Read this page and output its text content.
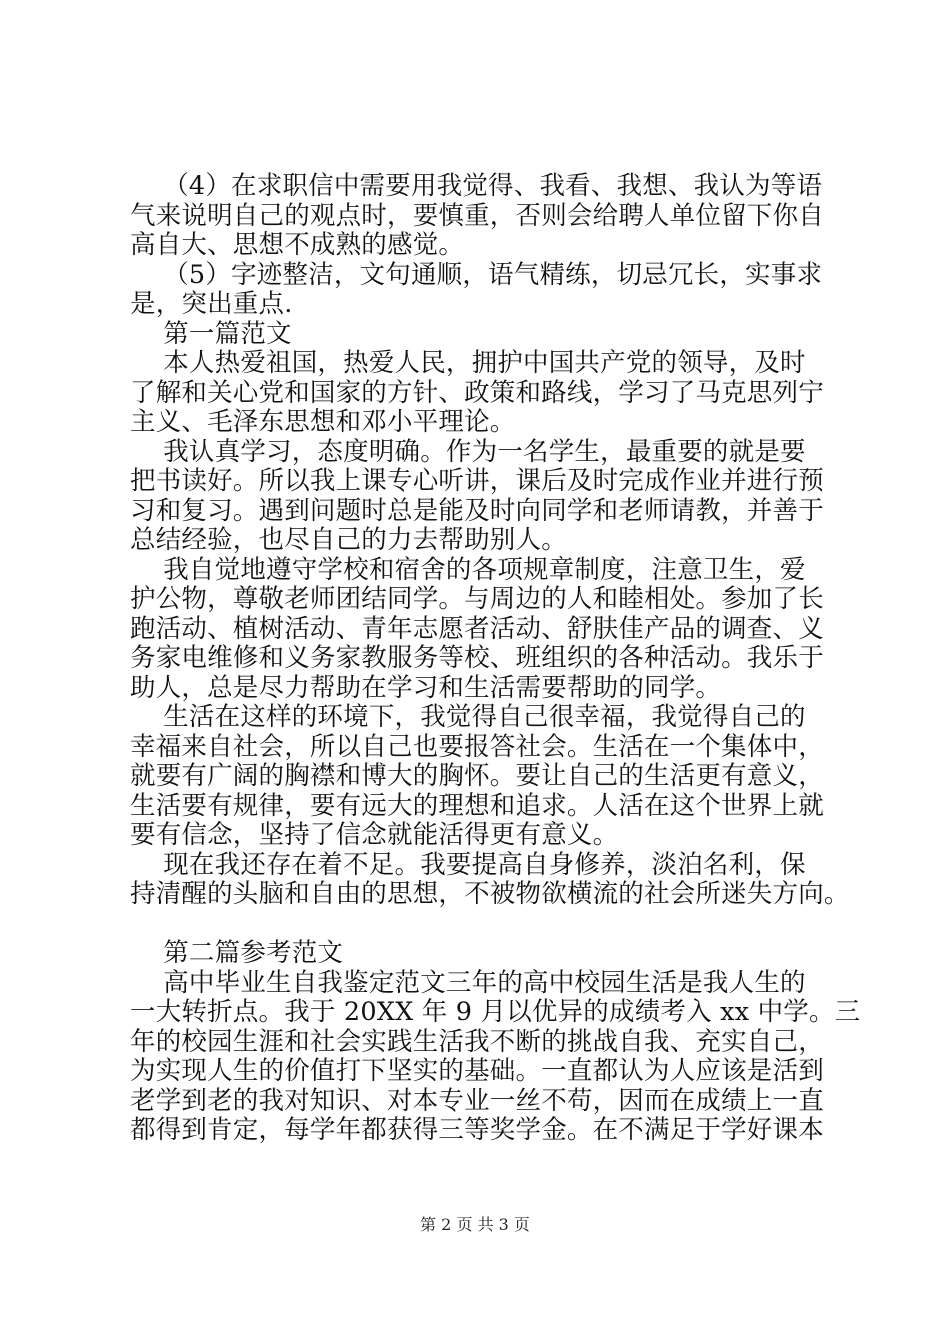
（4）在求职信中需要用我觉得、我看、我想、我认为等语

气来说明自己的观点时，要慎重，否则会给聘人单位留下你自

高自大、思想不成熟的感觉。

（5）字迹整洁，文句通顺，语气精练，切忌冗长，实事求

是，突出重点.

第一篇范文

本人热爱祖国，热爱人民，拥护中国共产党的领导，及时

了解和关心党和国家的方针、政策和路线，学习了马克思列宁

主义、毛泽东思想和邓小平理论。

我认真学习，态度明确。作为一名学生，最重要的就是要

把书读好。所以我上课专心听讲，课后及时完成作业并进行预

习和复习。遇到问题时总是能及时向同学和老师请教，并善于

总结经验，也尽自己的力去帮助别人。

我自觉地遵守学校和宿舍的各项规章制度，注意卫生，爱

护公物，尊敬老师团结同学。与周边的人和睦相处。参加了长

跑活动、植树活动、青年志愿者活动、舒肤佳产品的调查、义

务家电维修和义务家教服务等校、班组织的各种活动。我乐于

助人，总是尽力帮助在学习和生活需要帮助的同学。

生活在这样的环境下，我觉得自己很幸福，我觉得自己的

幸福来自社会，所以自己也要报答社会。生活在一个集体中，

就要有广阔的胸襟和博大的胸怀。要让自己的生活更有意义，

生活要有规律，要有远大的理想和追求。人活在这个世界上就

要有信念，坚持了信念就能活得更有意义。

现在我还存在着不足。我要提高自身修养，淡泊名利，保

持清醒的头脑和自由的思想，不被物欲横流的社会所迷失方向。

第二篇参考范文

高中毕业生自我鉴定范文三年的高中校园生活是我人生的

一大转折点。我于 20XX 年 9 月以优异的成绩考入 xx 中学。三

年的校园生涯和社会实践生活我不断的挑战自我、充实自己，

为实现人生的价值打下坚实的基础。一直都认为人应该是活到

老学到老的我对知识、对本专业一丝不苟，因而在成绩上一直

都得到肯定，每学年都获得三等奖学金。在不满足于学好课本

第 2 页 共 3 页
